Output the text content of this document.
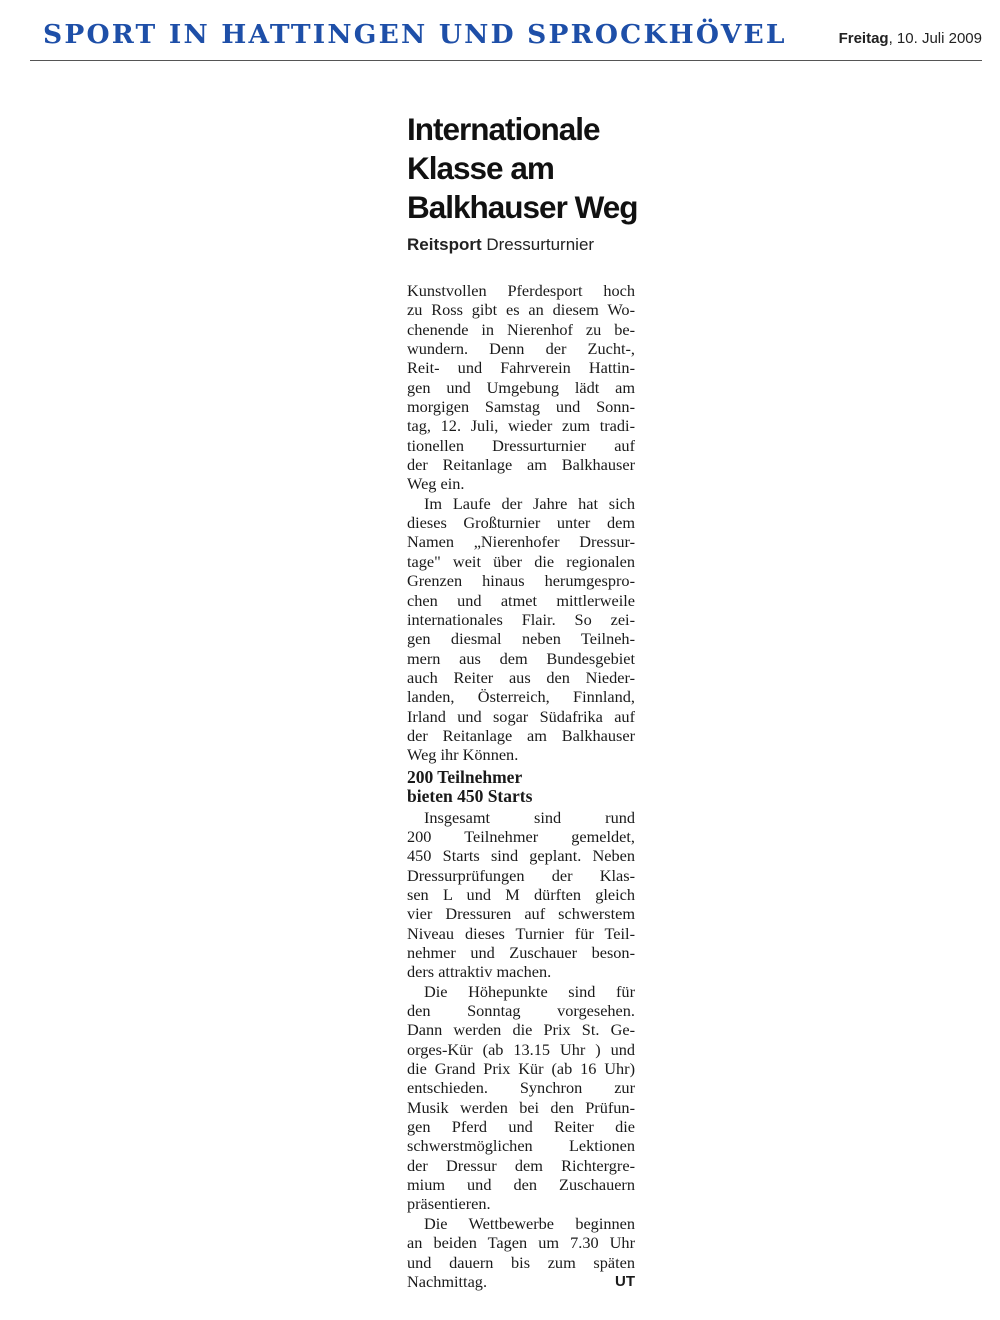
SPORT IN HATTINGEN UND SPROCKHÖVEL	Freitag, 10. Juli 2009
Internationale
Klasse am
Balkhauser Weg
Reitsport Dressurturnier
Kunstvollen Pferdesport hoch
zu Ross gibt es an diesem Wo-
chenende in Nierenhof zu be-
wundern. Denn der Zucht-,
Reit- und Fahrverein Hattin-
gen und Umgebung lädt am
morgigen Samstag und Sonn-
tag, 12. Juli, wieder zum tradi-
tionellen Dressurturnier auf
der Reitanlage am Balkhauser
Weg ein.
Im Laufe der Jahre hat sich
dieses Großturnier unter dem
Namen „Nierenhofer Dressur-
tage" weit über die regionalen
Grenzen hinaus herumgespro-
chen und atmet mittlerweile
internationales Flair. So zei-
gen diesmal neben Teilneh-
mern aus dem Bundesgebiet
auch Reiter aus den Nieder-
landen, Österreich, Finnland,
Irland und sogar Südafrika auf
der Reitanlage am Balkhauser
Weg ihr Können.
200 Teilnehmer
bieten 450 Starts
Insgesamt sind rund
200 Teilnehmer gemeldet,
450 Starts sind geplant. Neben
Dressurprüfungen der Klas-
sen L und M dürften gleich
vier Dressuren auf schwerstem
Niveau dieses Turnier für Teil-
nehmer und Zuschauer beson-
ders attraktiv machen.
Die Höhepunkte sind für
den Sonntag vorgesehen.
Dann werden die Prix St. Ge-
orges-Kür (ab 13.15 Uhr ) und
die Grand Prix Kür (ab 16 Uhr)
entschieden. Synchron zur
Musik werden bei den Prüfun-
gen Pferd und Reiter die
schwerstmöglichen Lektionen
der Dressur dem Richtergre-
mium und den Zuschauern
präsentieren.
Die Wettbewerbe beginnen
an beiden Tagen um 7.30 Uhr
und dauern bis zum späten
Nachmittag.	UT
